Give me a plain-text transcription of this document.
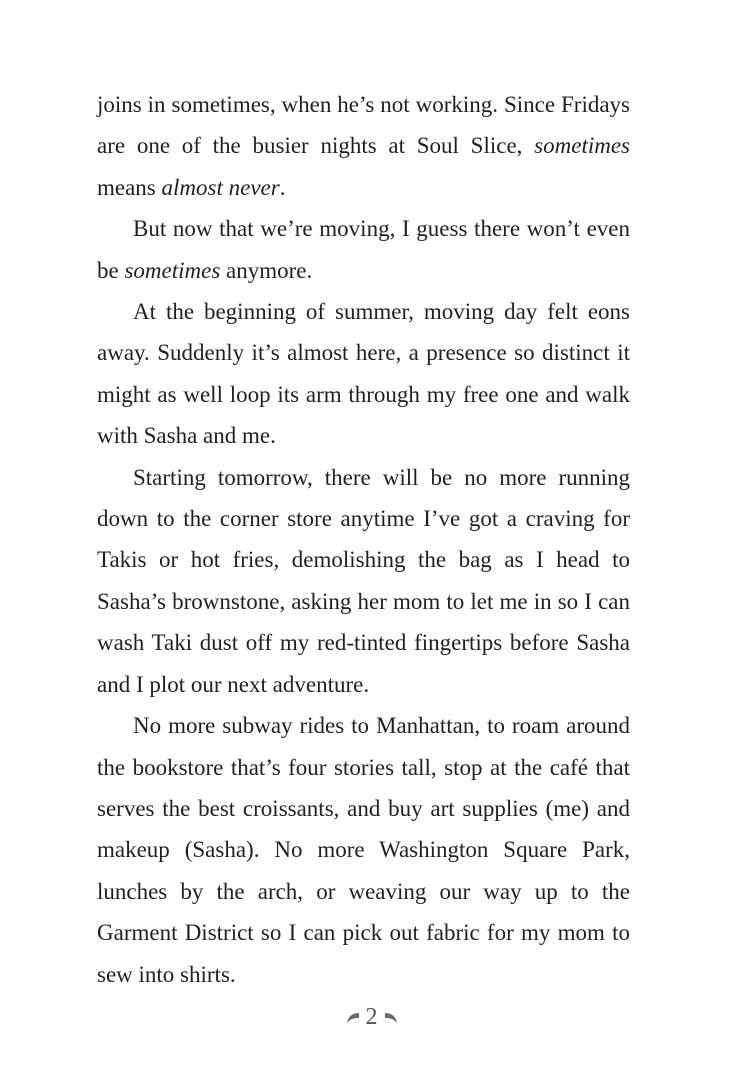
joins in sometimes, when he’s not working. Since Fridays are one of the busier nights at Soul Slice, sometimes means almost never.

But now that we’re moving, I guess there won’t even be sometimes anymore.

At the beginning of summer, moving day felt eons away. Suddenly it’s almost here, a presence so distinct it might as well loop its arm through my free one and walk with Sasha and me.

Starting tomorrow, there will be no more running down to the corner store anytime I’ve got a craving for Takis or hot fries, demolishing the bag as I head to Sasha’s brownstone, asking her mom to let me in so I can wash Taki dust off my red-tinted fingertips before Sasha and I plot our next adventure.

No more subway rides to Manhattan, to roam around the bookstore that’s four stories tall, stop at the café that serves the best croissants, and buy art supplies (me) and makeup (Sasha). No more Washington Square Park, lunches by the arch, or weaving our way up to the Garment District so I can pick out fabric for my mom to sew into shirts.

2
